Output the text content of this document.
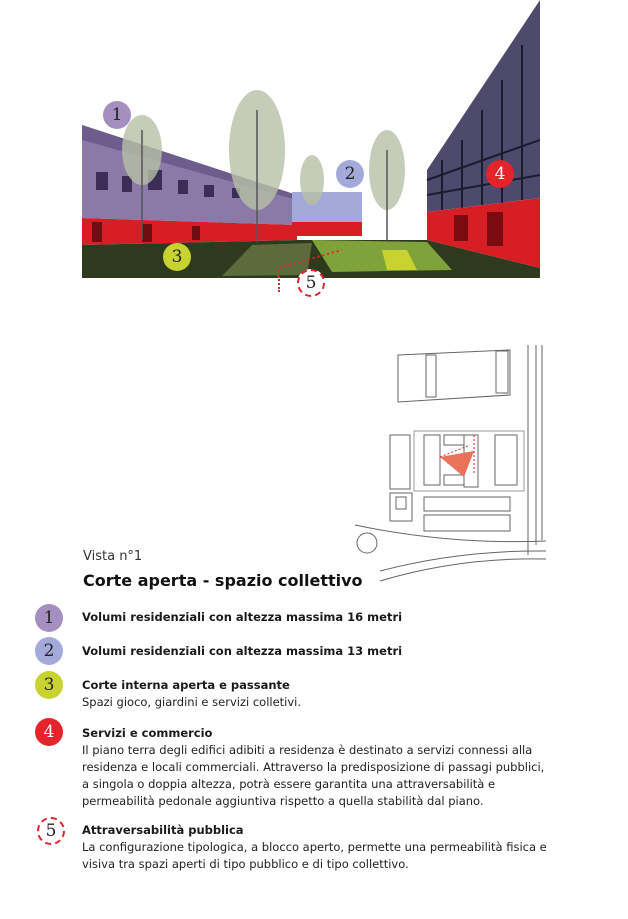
1
2
3
4
5
Vista n°1
Corte aperta - spazio collettivo
1 Volumi residenziali con altezza massima 16 metri
2 Volumi residenziali con altezza massima 13 metri
3 Corte interna aperta e passante
Spazi gioco, giardini e servizi colletivi.
4 Servizi e commercio
Il piano terra degli edifici adibiti a residenza è destinato a servizi connessi alla residenza e locali commerciali. Attraverso la predisposizione di passagi pubblici, a singola o doppia altezza, potrà essere garantita una attraversabilità e permeabilità pedonale aggiuntiva rispetto a quella stabilità dal piano.
5 Attraversabilità pubblica
La configurazione tipologica, a blocco aperto, permette una permeabilità fisica e visiva tra spazi aperti di tipo pubblico e di tipo collettivo.
